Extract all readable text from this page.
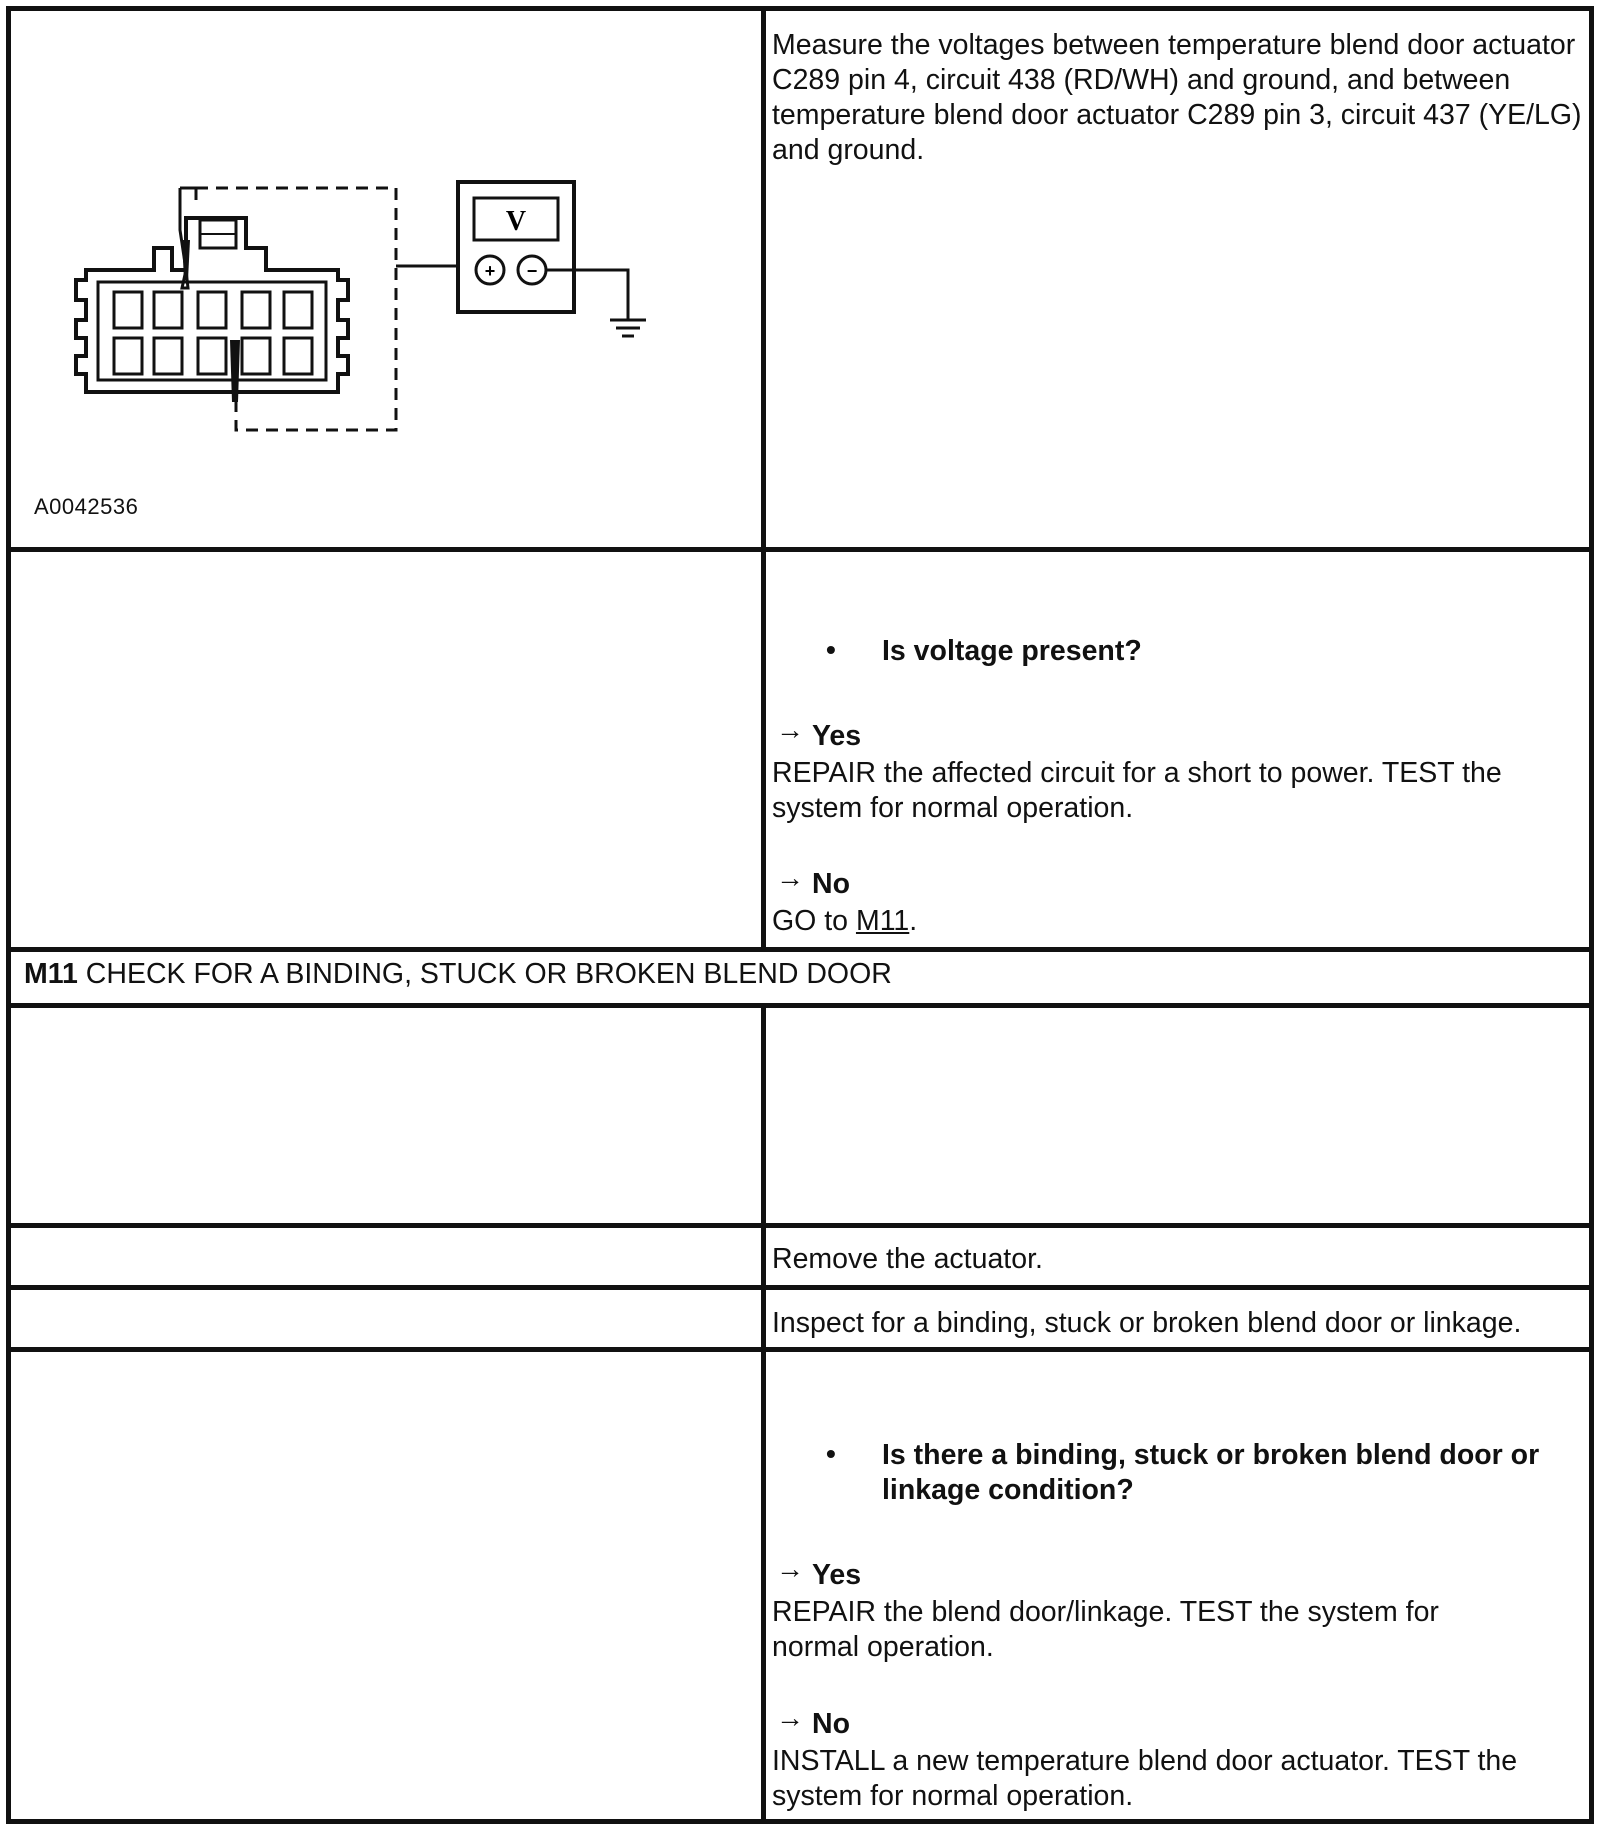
V
+ −
A0042536
Measure the voltages between temperature blend door actuator C289 pin 4, circuit 438 (RD/WH) and ground, and between temperature blend door actuator C289 pin 3, circuit 437 (YE/LG) and ground.
• Is voltage present?
→ Yes
REPAIR the affected circuit for a short to power. TEST the system for normal operation.
→ No
GO to M11.
M11 CHECK FOR A BINDING, STUCK OR BROKEN BLEND DOOR
Remove the actuator.
Inspect for a binding, stuck or broken blend door or linkage.
• Is there a binding, stuck or broken blend door or linkage condition?
→ Yes
REPAIR the blend door/linkage. TEST the system for normal operation.
→ No
INSTALL a new temperature blend door actuator. TEST the system for normal operation.
